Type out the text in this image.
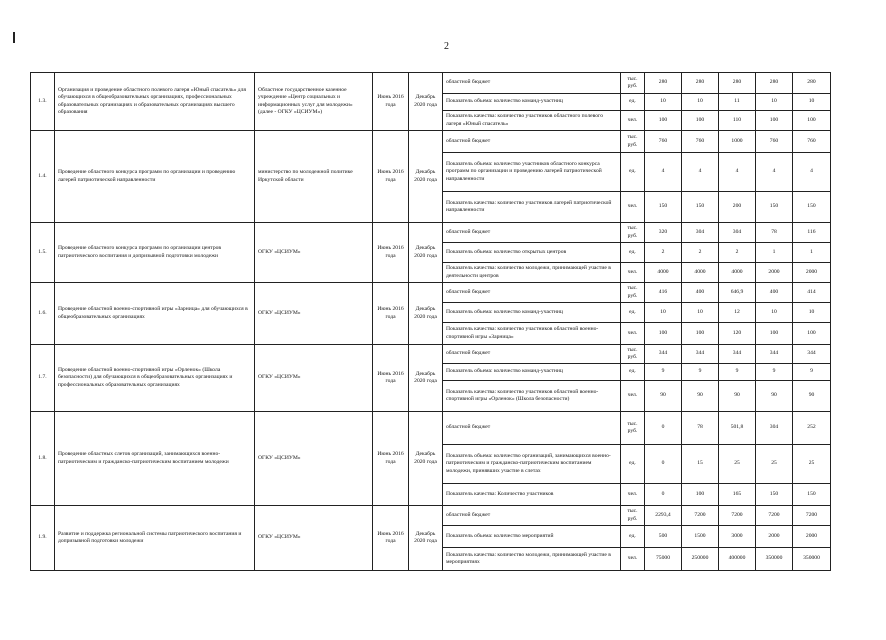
2
1.3.	Организация и проведение областного полевого лагеря «Юный спасатель» для обучающихся в общеобразовательных организациях, профессиональных образовательных организациях и образовательных организациях высшего образования	Областное государственное казенное учреждение «Центр социальных и информационных услуг для молодежи» (далее - ОГКУ «ЦСИУМ»)	Июнь 2016 года	Декабрь 2020 года	областной бюджет	тыс. руб.	280	280	280	280	280
					Показатель объема: количество команд-участниц	ед.	10	10	11	10	10
					Показатель качества: количество участников областного полевого лагеря «Юный спасатель»	чел.	100	100	110	100	100
1.4.	Проведение областного конкурса программ по организации и проведению лагерей патриотической направленности	министерство по молодежной политике Иркутской области	Июнь 2016 года	Декабрь 2020 года	областной бюджет	тыс. руб.	760	760	1000	760	760
					Показатель объема: количество участников областного конкурса программ по организации и проведению лагерей патриотической направленности	ед.	4	4	4	4	4
					Показатель качества: количество участников лагерей патриотической направленности	чел.	150	150	200	150	150
1.5.	Проведение областного конкурса программ по организации центров патриотического воспитания и допризывной подготовки молодежи	ОГКУ «ЦСИУМ»	Июнь 2016 года	Декабрь 2020 года	областной бюджет	тыс. руб.	320	304	304	78	116
					Показатель объема: количество открытых центров	ед.	2	2	2	1	1
					Показатель качества: количество молодежи, принимающей участие в деятельности центров	чел.	4000	4000	4000	2000	2000
1.6.	Проведение областной военно-спортивной игры «Зарница» для обучающихся в общеобразовательных организациях	ОГКУ «ЦСИУМ»	Июнь 2016 года	Декабрь 2020 года	областной бюджет	тыс. руб.	416	400	646,9	400	414
					Показатель объема: количество команд-участниц	ед.	10	10	12	10	10
					Показатель качества: количество участников областной военно-спортивной игры «Зарница»	чел.	100	100	120	100	100
1.7.	Проведение областной военно-спортивной игры «Орленок» (Школа безопасности) для обучающихся в общеобразовательных организациях и профессиональных образовательных организациях	ОГКУ «ЦСИУМ»	Июнь 2016 года	Декабрь 2020 года	областной бюджет	тыс. руб.	344	344	344	344	344
					Показатель объема: количество команд-участниц	ед.	9	9	9	9	9
					Показатель качества: количество участников областной военно-спортивной игры «Орленок» (Школа безопасности)	чел.	90	90	90	90	90
1.8.	Проведение областных слетов организаций, занимающихся военно-патриотическим и гражданско-патриотическим воспитанием молодежи	ОГКУ «ЦСИУМ»	Июнь 2016 года	Декабрь 2020 года	областной бюджет	тыс. руб.	0	78	501,8	304	252
					Показатель объема: количество организаций, занимающихся военно-патриотическим и гражданско-патриотическим воспитанием молодежи, принявших участие в слетах	ед.	0	15	25	25	25
					Показатель качества: Количество участников	чел.	0	100	165	150	150
1.9.	Развитие и поддержка региональной системы патриотического воспитания и допризывной подготовки молодежи	ОГКУ «ЦСИУМ»	Июнь 2016 года	Декабрь 2020 года	областной бюджет	тыс. руб.	2293,4	7200	7200	7200	7200
					Показатель объема: количество мероприятий	ед.	500	1500	3000	2000	2000
					Показатель качества: количество молодежи, принимающей участие в мероприятиях	чел.	75000	250000	400000	350000	350000
